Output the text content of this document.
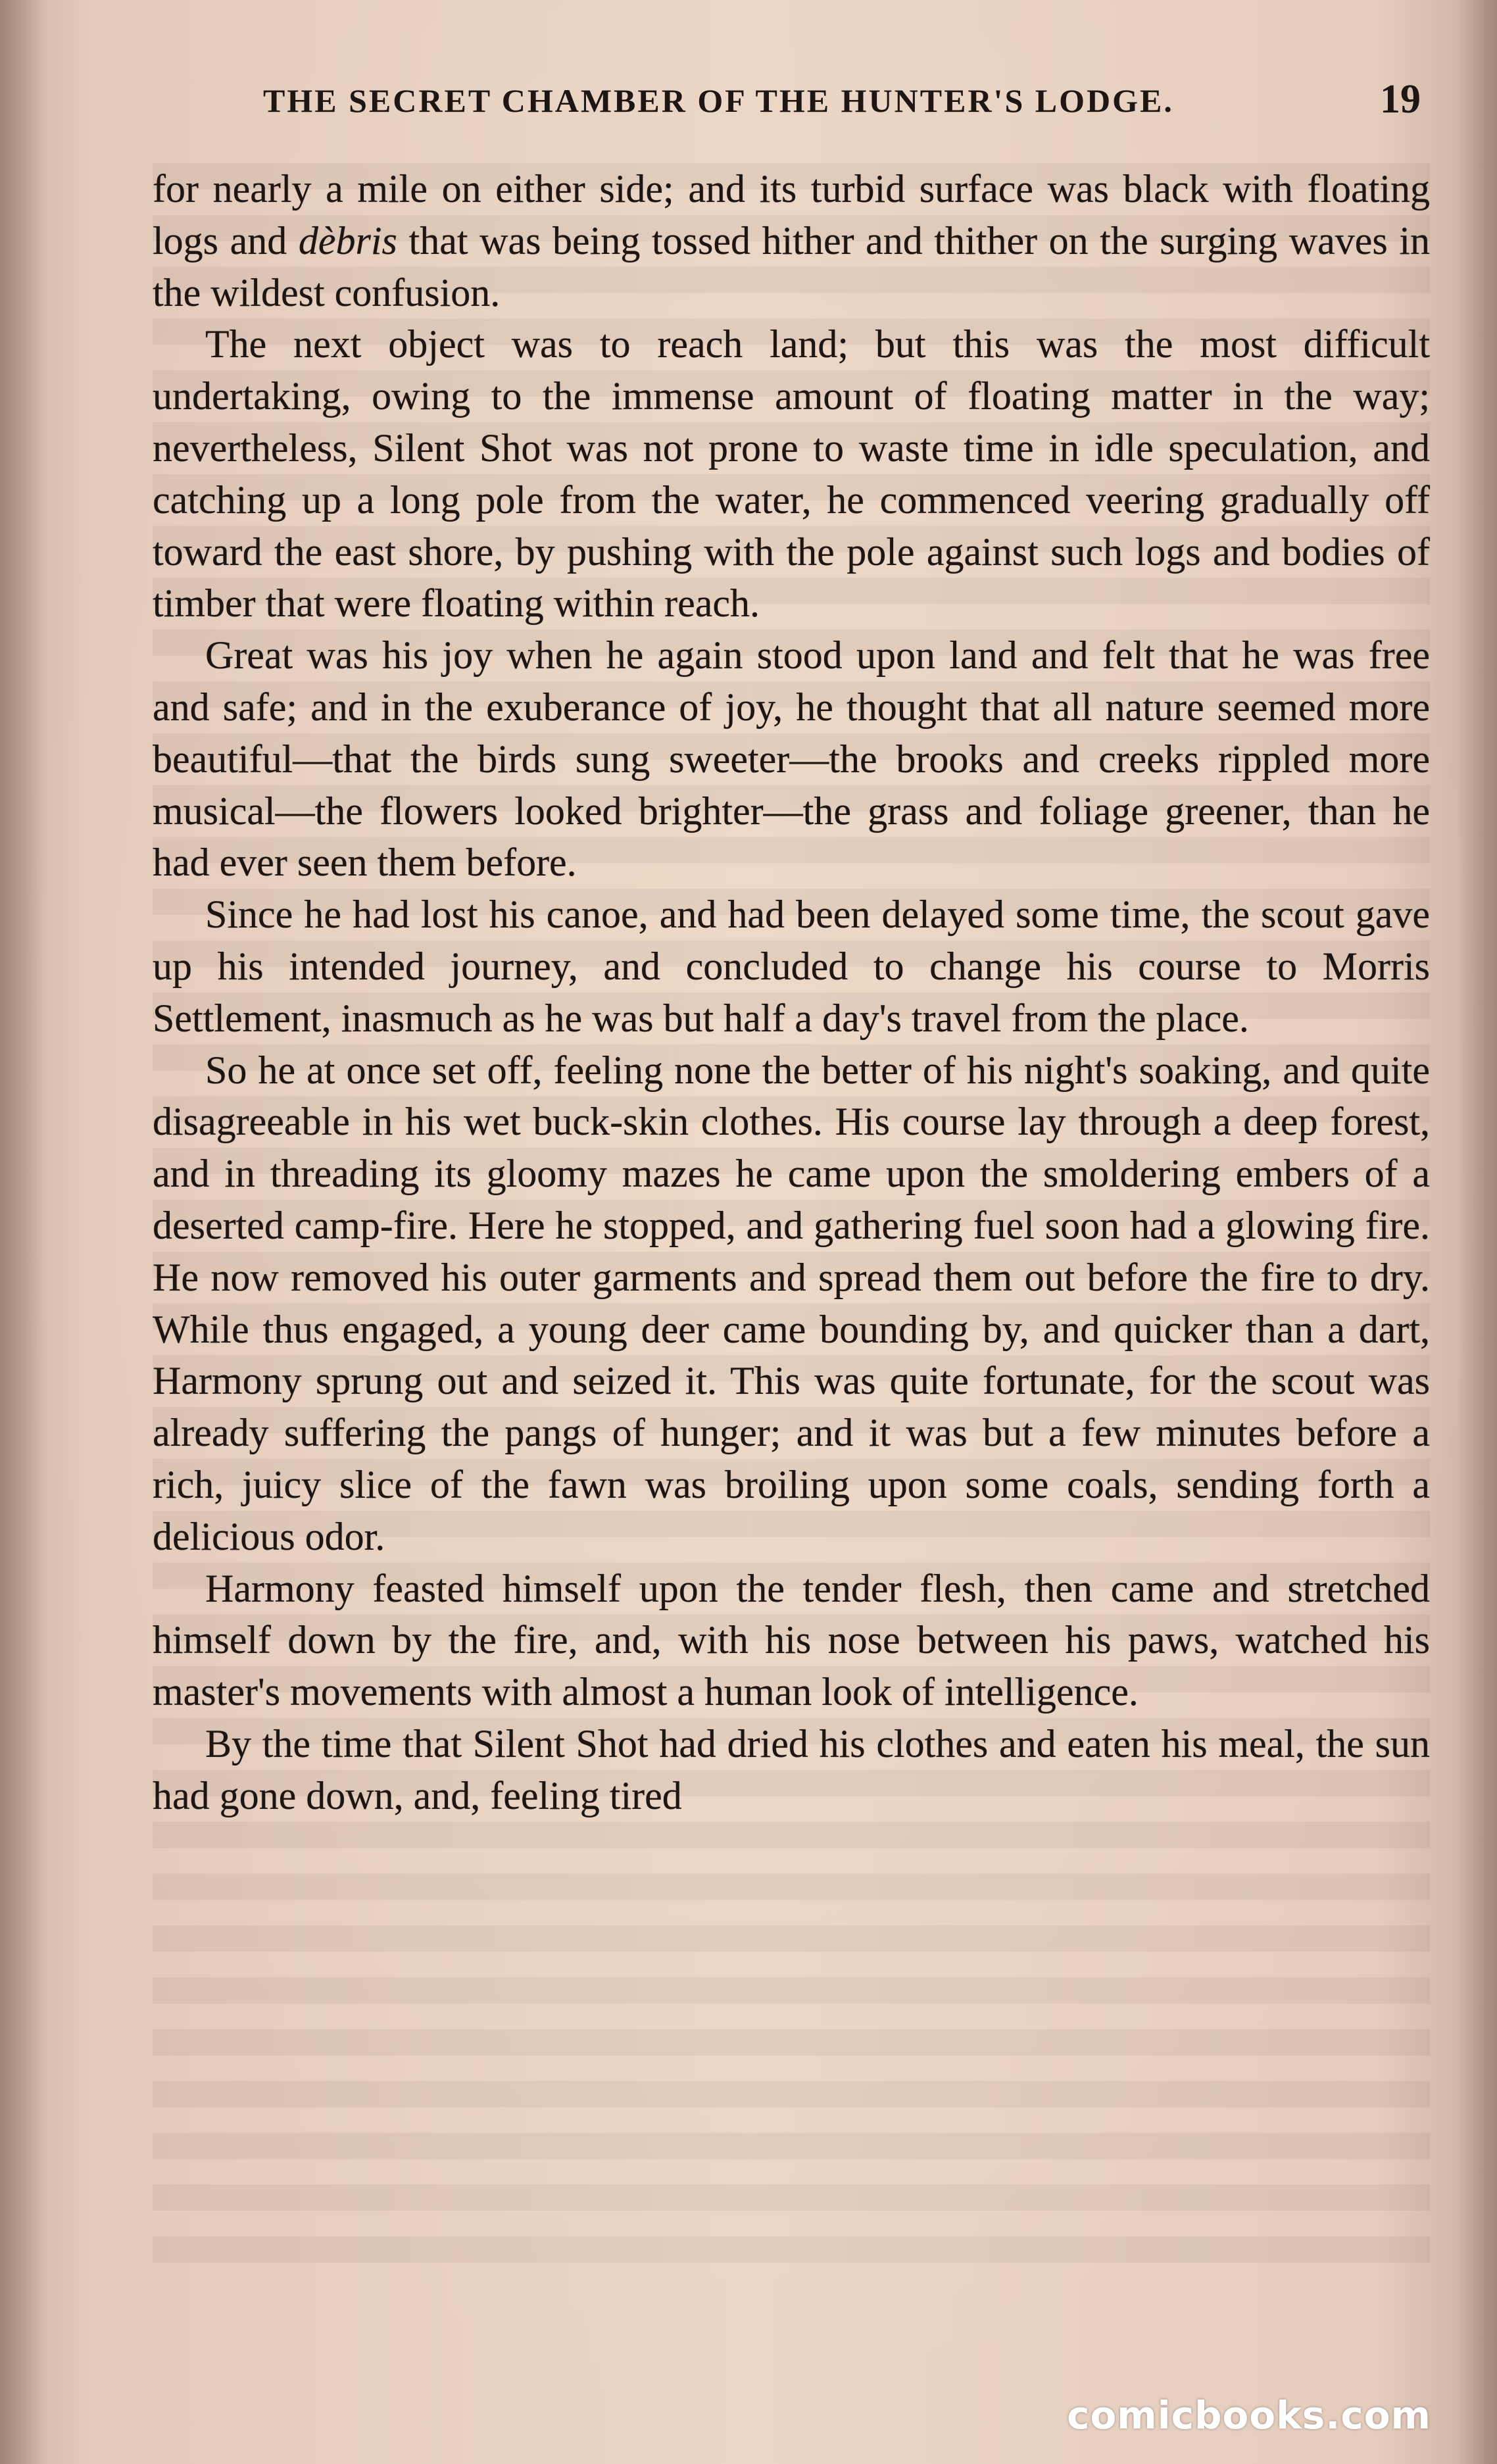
THE SECRET CHAMBER OF THE HUNTER'S LODGE.	19

for nearly a mile on either side; and its turbid surface was black with floating logs and dèbris that was being tossed hither and thither on the surging waves in the wildest confusion.

The next object was to reach land; but this was the most difficult undertaking, owing to the immense amount of floating matter in the way; nevertheless, Silent Shot was not prone to waste time in idle speculation, and catching up a long pole from the water, he commenced veering gradually off toward the east shore, by pushing with the pole against such logs and bodies of timber that were floating within reach.

Great was his joy when he again stood upon land and felt that he was free and safe; and in the exuberance of joy, he thought that all nature seemed more beautiful—that the birds sung sweeter—the brooks and creeks rippled more musical—the flowers looked brighter—the grass and foliage greener, than he had ever seen them before.

Since he had lost his canoe, and had been delayed some time, the scout gave up his intended journey, and concluded to change his course to Morris Settlement, inasmuch as he was but half a day's travel from the place.

So he at once set off, feeling none the better of his night's soaking, and quite disagreeable in his wet buck-skin clothes. His course lay through a deep forest, and in threading its gloomy mazes he came upon the smoldering embers of a deserted camp-fire. Here he stopped, and gathering fuel soon had a glowing fire. He now removed his outer garments and spread them out before the fire to dry. While thus engaged, a young deer came bounding by, and quicker than a dart, Harmony sprung out and seized it. This was quite fortunate, for the scout was already suffering the pangs of hunger; and it was but a few minutes before a rich, juicy slice of the fawn was broiling upon some coals, sending forth a delicious odor.

Harmony feasted himself upon the tender flesh, then came and stretched himself down by the fire, and, with his nose between his paws, watched his master's movements with almost a human look of intelligence.

By the time that Silent Shot had dried his clothes and eaten his meal, the sun had gone down, and, feeling tired

comicbooks.com
